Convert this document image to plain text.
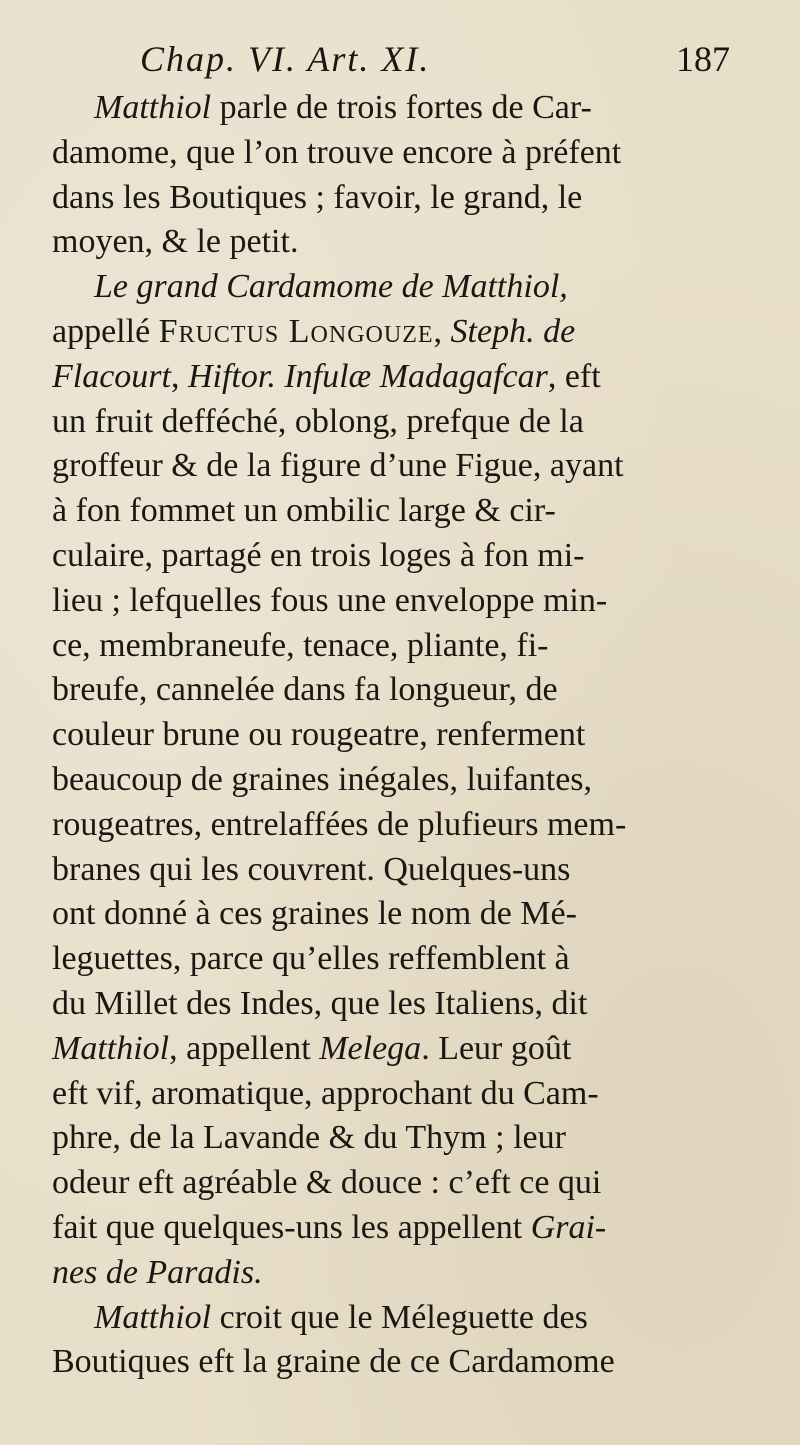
Chap. VI. Art. XI.	187
Matthiol parle de trois fortes de Car-
damome, que l’on trouve encore à préfent
dans les Boutiques ; favoir, le grand, le
moyen, & le petit.
Le grand Cardamome de Matthiol,
appellé Fructus Longouze, Steph. de
Flacourt, Hiftor. Infulæ Madagafcar, eft
un fruit defféché, oblong, prefque de la
groffeur & de la figure d’une Figue, ayant
à fon fommet un ombilic large & cir-
culaire, partagé en trois loges à fon mi-
lieu ; lefquelles fous une enveloppe min-
ce, membraneufe, tenace, pliante, fi-
breufe, cannelée dans fa longueur, de
couleur brune ou rougeatre, renferment
beaucoup de graines inégales, luifantes,
rougeatres, entrelaffées de plufieurs mem-
branes qui les couvrent. Quelques-uns
ont donné à ces graines le nom de Mé-
leguettes, parce qu’elles reffemblent à
du Millet des Indes, que les Italiens, dit
Matthiol, appellent Melega. Leur goût
eft vif, aromatique, approchant du Cam-
phre, de la Lavande & du Thym ; leur
odeur eft agréable & douce : c’eft ce qui
fait que quelques-uns les appellent Grai-
nes de Paradis.
Matthiol croit que le Méleguette des
Boutiques eft la graine de ce Cardamome
